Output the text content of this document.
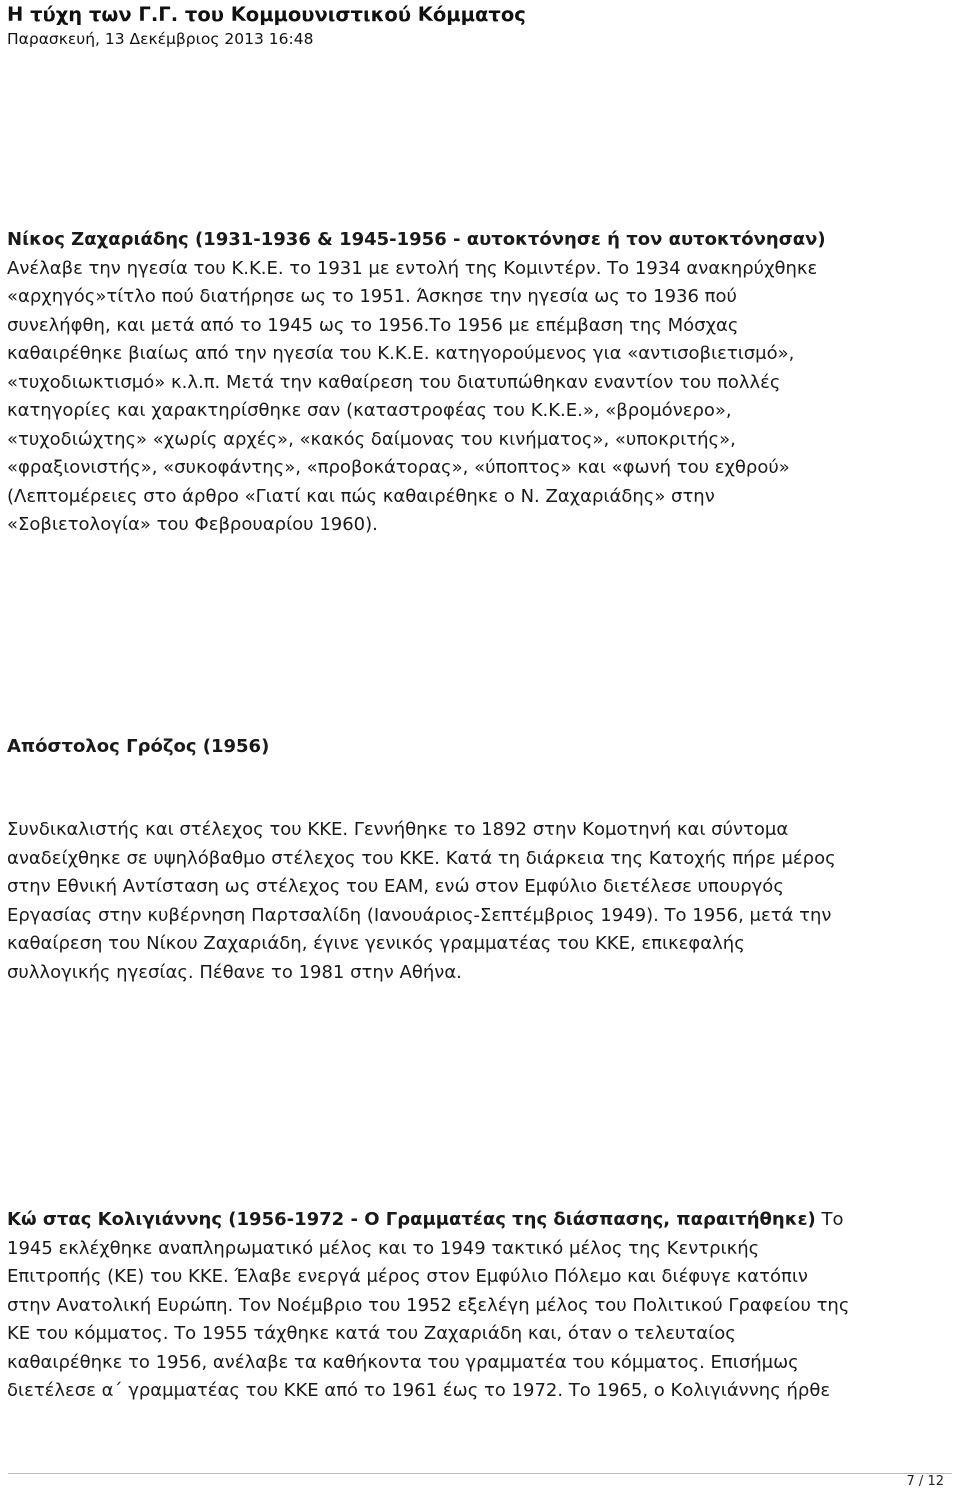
Η τύχη των Γ.Γ. του Κομμουνιστικού Κόμματος
Παρασκευή, 13 Δεκέμβριος 2013 16:48
Νίκος Ζαχαριάδης (1931-1936 & 1945-1956 - αυτοκτόνησε ή τον αυτοκτόνησαν)
Ανέλαβε την ηγεσία του Κ.Κ.Ε. το 1931 με εντολή της Κομιντέρν. Το 1934 ανακηρύχθηκε
«αρχηγός»τίτλο πού διατήρησε ως το 1951. Άσκησε την ηγεσία ως το 1936 πού
συνελήφθη, και μετά από το 1945 ως το 1956.Το 1956 με επέμβαση της Μόσχας
καθαιρέθηκε βιαίως από την ηγεσία του Κ.Κ.Ε. κατηγορούμενος για «αντισοβιετισμό»,
«τυχοδιωκτισμό» κ.λ.π. Μετά την καθαίρεση του διατυπώθηκαν εναντίον του πολλές
κατηγορίες και χαρακτηρίσθηκε σαν (καταστροφέας του Κ.Κ.Ε.», «βρομόνερο»,
«τυχοδιώχτης» «χωρίς αρχές», «κακός δαίμονας του κινήματος», «υποκριτής»,
«φραξιονιστής», «συκοφάντης», «προβοκάτορας», «ύποπτος» και «φωνή του εχθρού»
(Λεπτομέρειες στο άρθρο «Γιατί και πώς καθαιρέθηκε ο Ν. Ζαχαριάδης» στην
«Σοβιετολογία» του Φεβρουαρίου 1960).
Απόστολος Γρόζος (1956)
Συνδικαλιστής και στέλεχος του ΚΚΕ. Γεννήθηκε το 1892 στην Κομοτηνή και σύντομα
αναδείχθηκε σε υψηλόβαθμο στέλεχος του ΚΚΕ. Κατά τη διάρκεια της Κατοχής πήρε μέρος
στην Εθνική Αντίσταση ως στέλεχος του ΕΑΜ, ενώ στον Εμφύλιο διετέλεσε υπουργός
Εργασίας στην κυβέρνηση Παρτσαλίδη (Ιανουάριος-Σεπτέμβριος 1949). Το 1956, μετά την
καθαίρεση του Νίκου Ζαχαριάδη, έγινε γενικός γραμματέας του ΚΚΕ, επικεφαλής
συλλογικής ηγεσίας. Πέθανε το 1981 στην Αθήνα.
Κώ στας Κολιγιάννης (1956-1972 - Ο Γραμματέας της διάσπασης, παραιτήθηκε) Το
1945 εκλέχθηκε αναπληρωματικό μέλος και το 1949 τακτικό μέλος της Κεντρικής
Επιτροπής (ΚΕ) του ΚΚΕ. Έλαβε ενεργά μέρος στον Εμφύλιο Πόλεμο και διέφυγε κατόπιν
στην Ανατολική Ευρώπη. Τον Νοέμβριο του 1952 εξελέγη μέλος του Πολιτικού Γραφείου της
ΚΕ του κόμματος. Το 1955 τάχθηκε κατά του Ζαχαριάδη και, όταν ο τελευταίος
καθαιρέθηκε το 1956, ανέλαβε τα καθήκοντα του γραμματέα του κόμματος. Επισήμως
διετέλεσε α΄ γραμματέας του ΚΚΕ από το 1961 έως το 1972. Το 1965, ο Κολιγιάννης ήρθε
7 / 12
